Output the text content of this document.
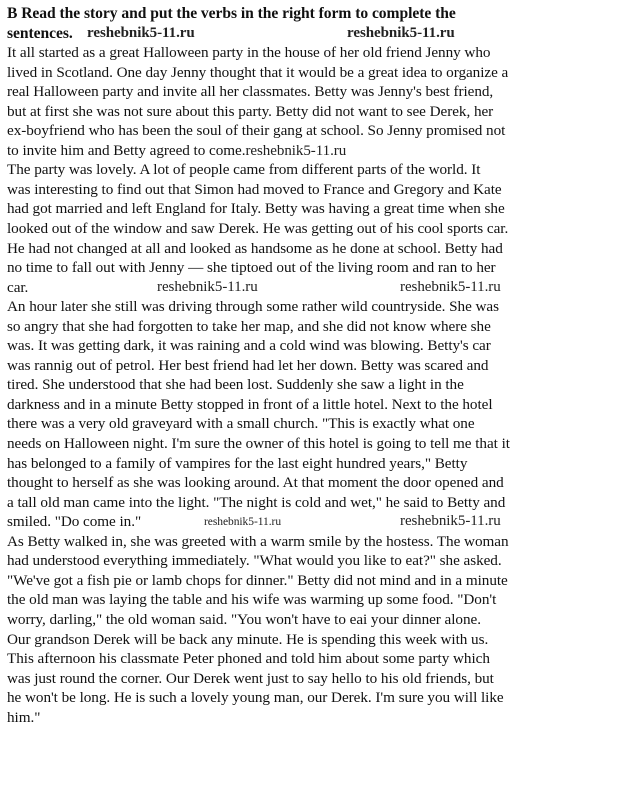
B Read the story and put the verbs in the right form to complete the
sentences. reshebnik5-11.ru	reshebnik5-11.ru
It all started as a great Halloween party in the house of her old friend Jenny who
lived in Scotland. One day Jenny thought that it would be a great idea to organize a
real Halloween party and invite all her classmates. Betty was Jenny's best friend,
but at first she was not sure about this party. Betty did not want to see Derek, her
ex-boyfriend who has been the soul of their gang at school. So Jenny promised not
to invite him and Betty agreed to come.reshebnik5-11.ru
The party was lovely. A lot of people came from different parts of the world. It
was interesting to find out that Simon had moved to France and Gregory and Kate
had got married and left England for Italy. Betty was having a great time when she
looked out of the window and saw Derek. He was getting out of his cool sports car.
He had not changed at all and looked as handsome as he done at school. Betty had
no time to fall out with Jenny — she tiptoed out of the living room and ran to her
car.	reshebnik5-11.ru	reshebnik5-11.ru
An hour later she still was driving through some rather wild countryside. She was
so angry that she had forgotten to take her map, and she did not know where she
was. It was getting dark, it was raining and a cold wind was blowing. Betty's car
was rannig out of petrol. Her best friend had let her down. Betty was scared and
tired. She understood that she had been lost. Suddenly she saw a light in the
darkness and in a minute Betty stopped in front of a little hotel. Next to the hotel
there was a very old graveyard with a small church. "This is exactly what one
needs on Halloween night. I'm sure the owner of this hotel is going to tell me that it
has belonged to a family of vampires for the last eight hundred years," Betty
thought to herself as she was looking around. At that moment the door opened and
a tall old man came into the light. "The night is cold and wet," he said to Betty and
smiled. "Do come in."	reshebnik5-11.ru	reshebnik5-11.ru
As Betty walked in, she was greeted with a warm smile by the hostess. The woman
had understood everything immediately. "What would you like to eat?" she asked.
"We've got a fish pie or lamb chops for dinner." Betty did not mind and in a minute
the old man was laying the table and his wife was warming up some food. "Don't
worry, darling," the old woman said. "You won't have to eai your dinner alone.
Our grandson Derek will be back any minute. He is spending this week with us.
This afternoon his classmate Peter phoned and told him about some party which
was just round the corner. Our Derek went just to say hello to his old friends, but
he won't be long. He is such a lovely young man, our Derek. I'm sure you will like
him."
